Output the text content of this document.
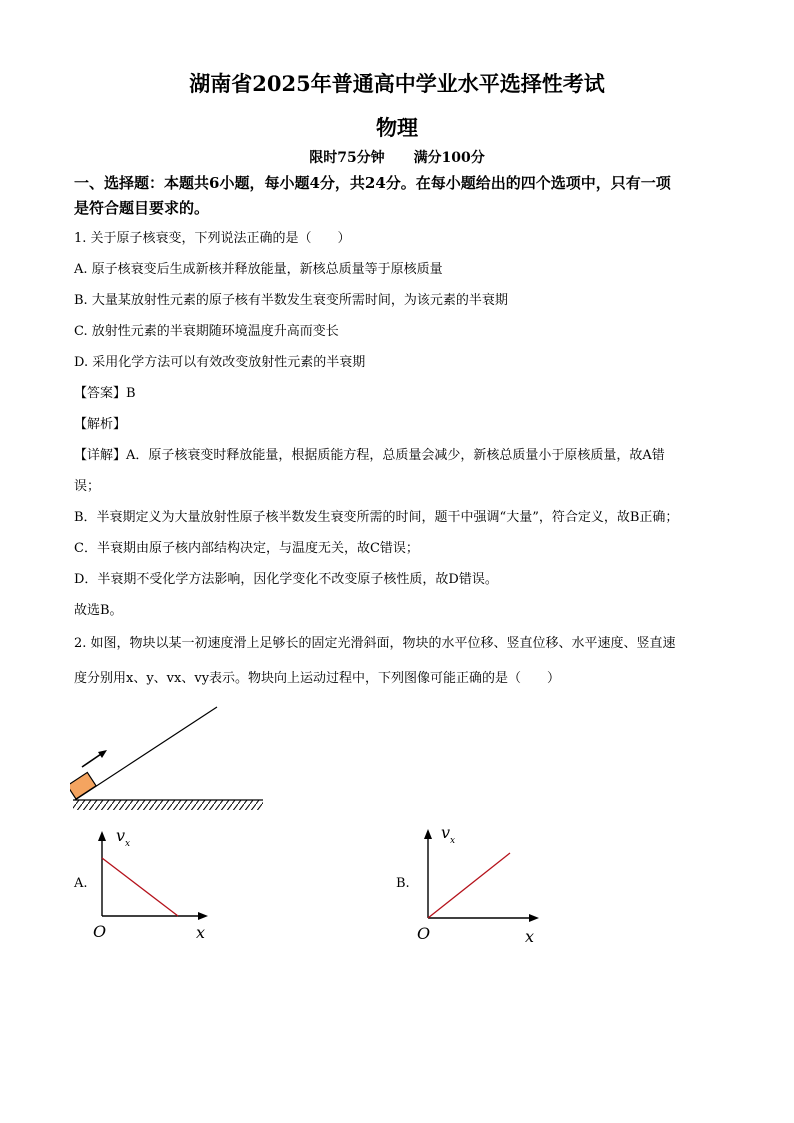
湖南省2025年普通高中学业水平选择性考试
物理
限时75分钟 满分100分
一、选择题：本题共6小题，每小题4分，共24分。在每小题给出的四个选项中，只有一项
是符合题目要求的。
1. 关于原子核衰变，下列说法正确的是（　　）
A. 原子核衰变后生成新核并释放能量，新核总质量等于原核质量
B. 大量某放射性元素的原子核有半数发生衰变所需时间，为该元素的半衰期
C. 放射性元素的半衰期随环境温度升高而变长
D. 采用化学方法可以有效改变放射性元素的半衰期
【答案】B
【解析】
【详解】A．原子核衰变时释放能量，根据质能方程，总质量会减少，新核总质量小于原核质量，故A错
误；
B．半衰期定义为大量放射性原子核半数发生衰变所需的时间，题干中强调“大量”，符合定义，故B正确；
C．半衰期由原子核内部结构决定，与温度无关，故C错误；
D．半衰期不受化学方法影响，因化学变化不改变原子核性质，故D错误。
故选B。
2. 如图，物块以某一初速度滑上足够长的固定光滑斜面，物块的水平位移、竖直位移、水平速度、竖直速
度分别用x、y、vx、vy表示。物块向上运动过程中，下列图像可能正确的是（　　）
A.
v x
O	x
B.
v x
O	x
